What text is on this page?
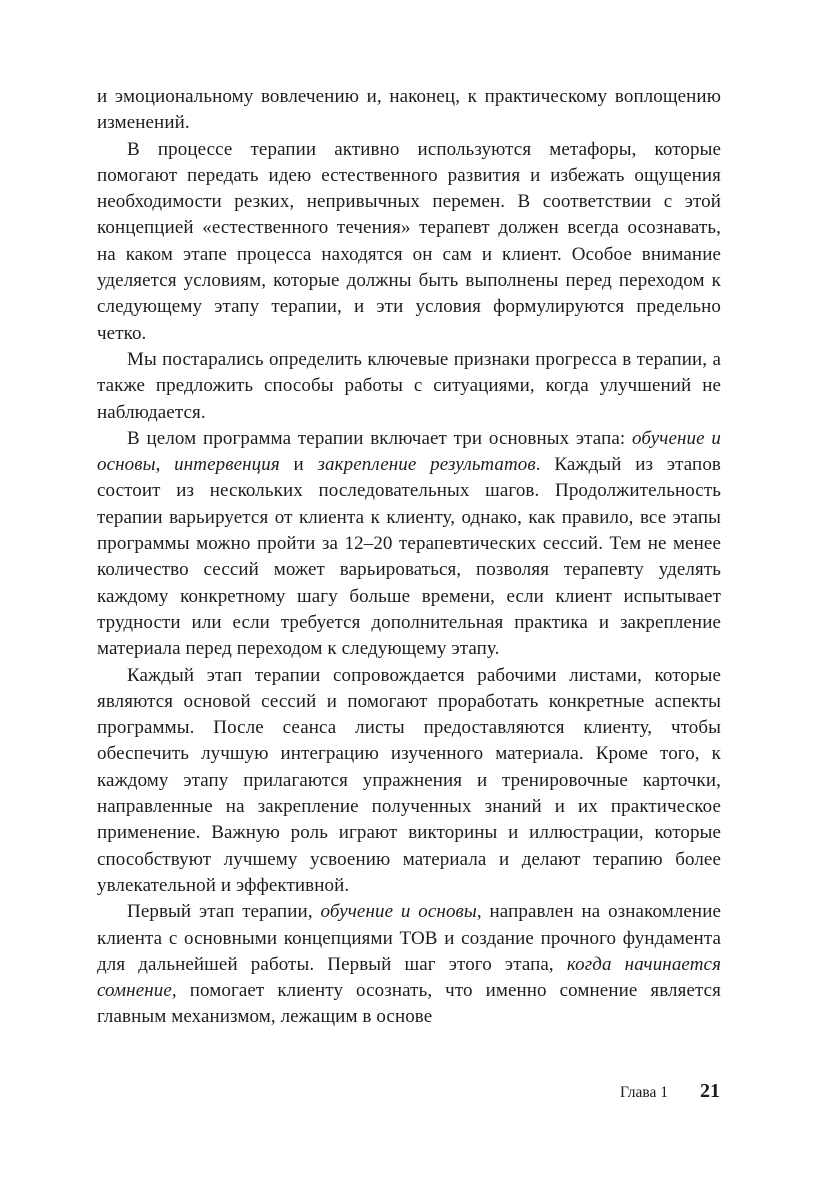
и эмоциональному вовлечению и, наконец, к практическому воплощению изменений.

В процессе терапии активно используются метафоры, которые помогают передать идею естественного развития и избежать ощущения необходимости резких, непривычных перемен. В соответствии с этой концепцией «естественного течения» терапевт должен всегда осознавать, на каком этапе процесса находятся он сам и клиент. Особое внимание уделяется условиям, которые должны быть выполнены перед переходом к следующему этапу терапии, и эти условия формулируются предельно четко.

Мы постарались определить ключевые признаки прогресса в терапии, а также предложить способы работы с ситуациями, когда улучшений не наблюдается.

В целом программа терапии включает три основных этапа: обучение и основы, интервенция и закрепление результатов. Каждый из этапов состоит из нескольких последовательных шагов. Продолжительность терапии варьируется от клиента к клиенту, однако, как правило, все этапы программы можно пройти за 12–20 терапевтических сессий. Тем не менее количество сессий может варьироваться, позволяя терапевту уделять каждому конкретному шагу больше времени, если клиент испытывает трудности или если требуется дополнительная практика и закрепление материала перед переходом к следующему этапу.

Каждый этап терапии сопровождается рабочими листами, которые являются основой сессий и помогают проработать конкретные аспекты программы. После сеанса листы предоставляются клиенту, чтобы обеспечить лучшую интеграцию изученного материала. Кроме того, к каждому этапу прилагаются упражнения и тренировочные карточки, направленные на закрепление полученных знаний и их практическое применение. Важную роль играют викторины и иллюстрации, которые способствуют лучшему усвоению материала и делают терапию более увлекательной и эффективной.

Первый этап терапии, обучение и основы, направлен на ознакомление клиента с основными концепциями ТОВ и создание прочного фундамента для дальнейшей работы. Первый шаг этого этапа, когда начинается сомнение, помогает клиенту осознать, что именно сомнение является главным механизмом, лежащим в основе

Глава 1 21
